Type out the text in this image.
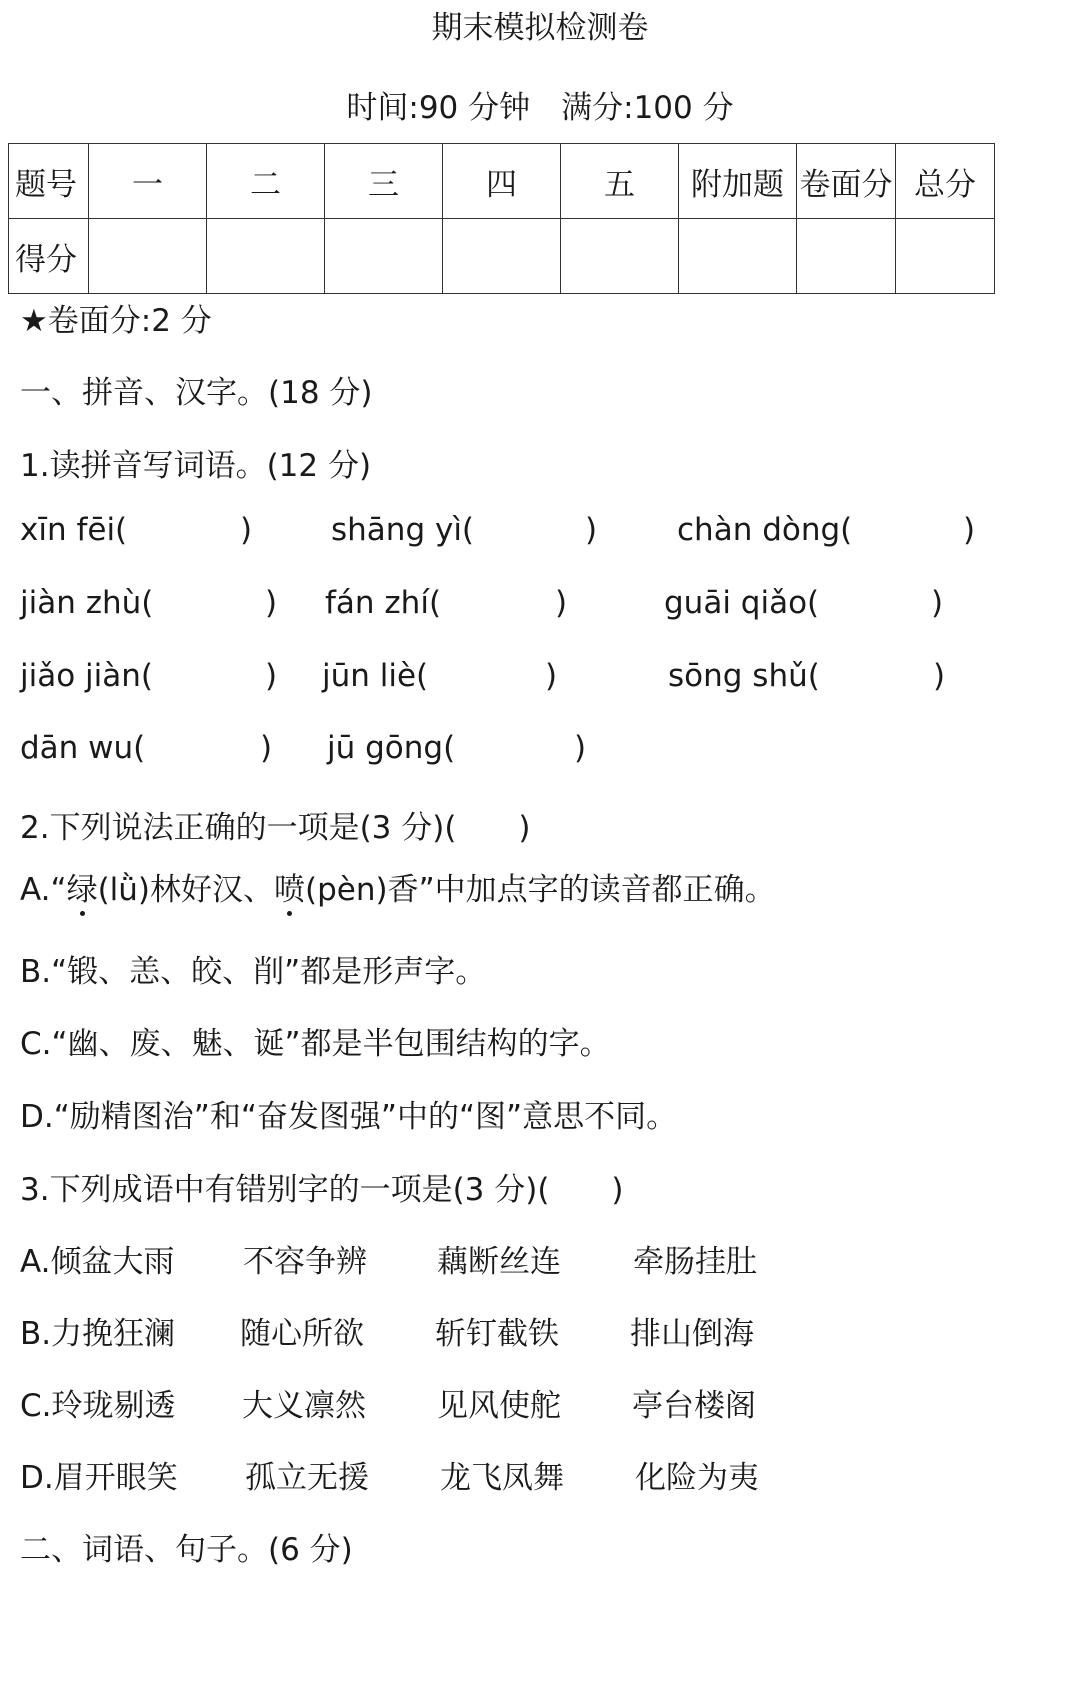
期末模拟检测卷
时间:90 分钟　满分:100 分
题号	一	二	三	四	五	附加题	卷面分	总分
得分								
★卷面分:2 分
一、拼音、汉字。(18 分)
1.读拼音写词语。(12 分)
xīn fēi(	)	shāng yì(	)	chàn dòng(	)
jiàn zhù(	) fán zhí(	)	guāi qiǎo(	)
jiǎo jiàn(	) jūn liè(	)	sōng shǔ(	)
dān wu(	) jū gōng(	)
2.下列说法正确的一项是(3 分)(　　)
A.“绿(lǜ)林好汉、喷(pèn)香”中加点字的读音都正确。
B.“锻、恙、皎、削”都是形声字。
C.“幽、废、魅、诞”都是半包围结构的字。
D.“励精图治”和“奋发图强”中的“图”意思不同。
3.下列成语中有错别字的一项是(3 分)(　　)
A.倾盆大雨 不容争辨 藕断丝连 牵肠挂肚
B.力挽狂澜 随心所欲 斩钉截铁 排山倒海
C.玲珑剔透 大义凛然 见风使舵 亭台楼阁
D.眉开眼笑 孤立无援 龙飞凤舞 化险为夷
二、词语、句子。(6 分)
